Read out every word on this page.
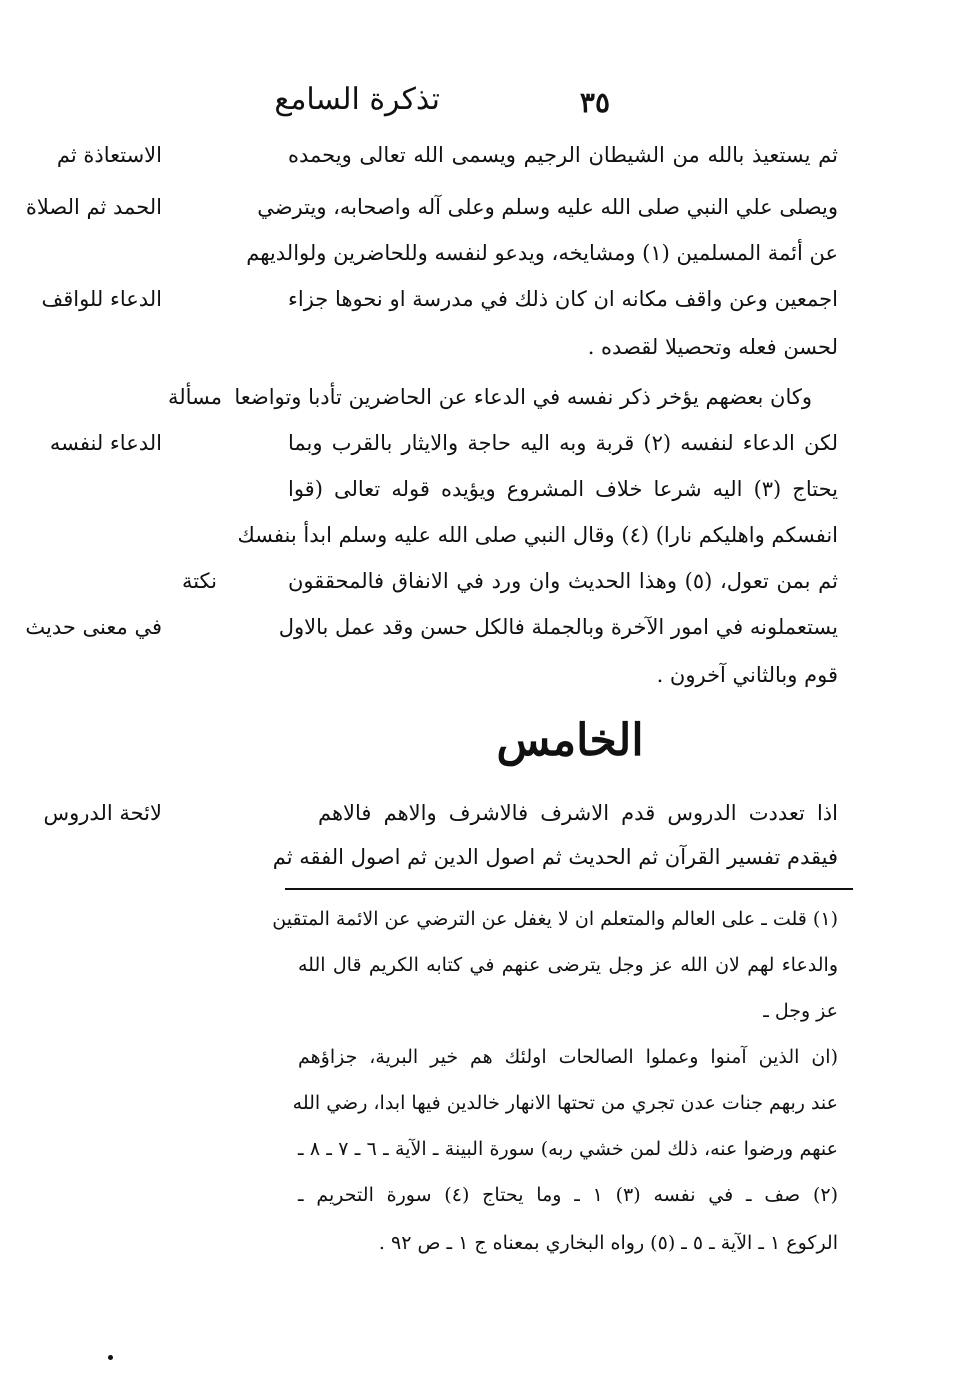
٣٥
تذكرة السامع
ثم يستعيذ بالله من الشيطان الرجيم ويسمى الله تعالى ويحمده
ويصلى علي النبي صلى الله عليه وسلم وعلى آله واصحابه، ويترضي
عن أئمة المسلمين (١) ومشايخه، ويدعو لنفسه وللحاضرين ولوالديهم
اجمعين وعن واقف مكانه ان كان ذلك في مدرسة او نحوها جزاء
لحسن فعله وتحصيلا لقصده .
وكان بعضهم يؤخر ذكر نفسه في الدعاء عن الحاضرين تأدبا وتواضعا
لكن الدعاء لنفسه (٢) قربة وبه اليه حاجة والايثار بالقرب وبما
يحتاج (٣) اليه شرعا خلاف المشروع ويؤيده قوله تعالى (قوا
انفسكم واهليكم نارا) (٤) وقال النبي صلى الله عليه وسلم ابدأ بنفسك
ثم بمن تعول، (٥) وهذا الحديث وان ورد في الانفاق فالمحققون
يستعملونه في امور الآخرة وبالجملة فالكل حسن وقد عمل بالاول
قوم وبالثاني آخرون .
الاستعاذة ثم
الحمد ثم الصلاة
الدعاء للواقف
مسألة
الدعاء لنفسه
نكتة
في معنى حديث
لائحة الدروس
الخامس
اذا تعددت الدروس قدم الاشرف فالاشرف والاهم فالاهم
فيقدم تفسير القرآن ثم الحديث ثم اصول الدين ثم اصول الفقه ثم
(١) قلت ـ على العالم والمتعلم ان لا يغفل عن الترضي عن الائمة المتقين
والدعاء لهم لان الله عز وجل يترضى عنهم في كتابه الكريم قال الله
عز وجل ـ
(ان الذين آمنوا وعملوا الصالحات اولئك هم خير البرية، جزاؤهم
عند ربهم جنات عدن تجري من تحتها الانهار خالدين فيها ابدا، رضي الله
عنهم ورضوا عنه، ذلك لمن خشي ربه) سورة البينة ـ الآية ـ ٦ ـ ٧ ـ ٨ ـ
(٢) صف ـ في نفسه (٣) ١ ـ وما يحتاج (٤) سورة التحريم ـ
الركوع ١ ـ الآية ـ ٥ ـ (٥) رواه البخاري بمعناه ج ١ ـ ص ٩٢ .
